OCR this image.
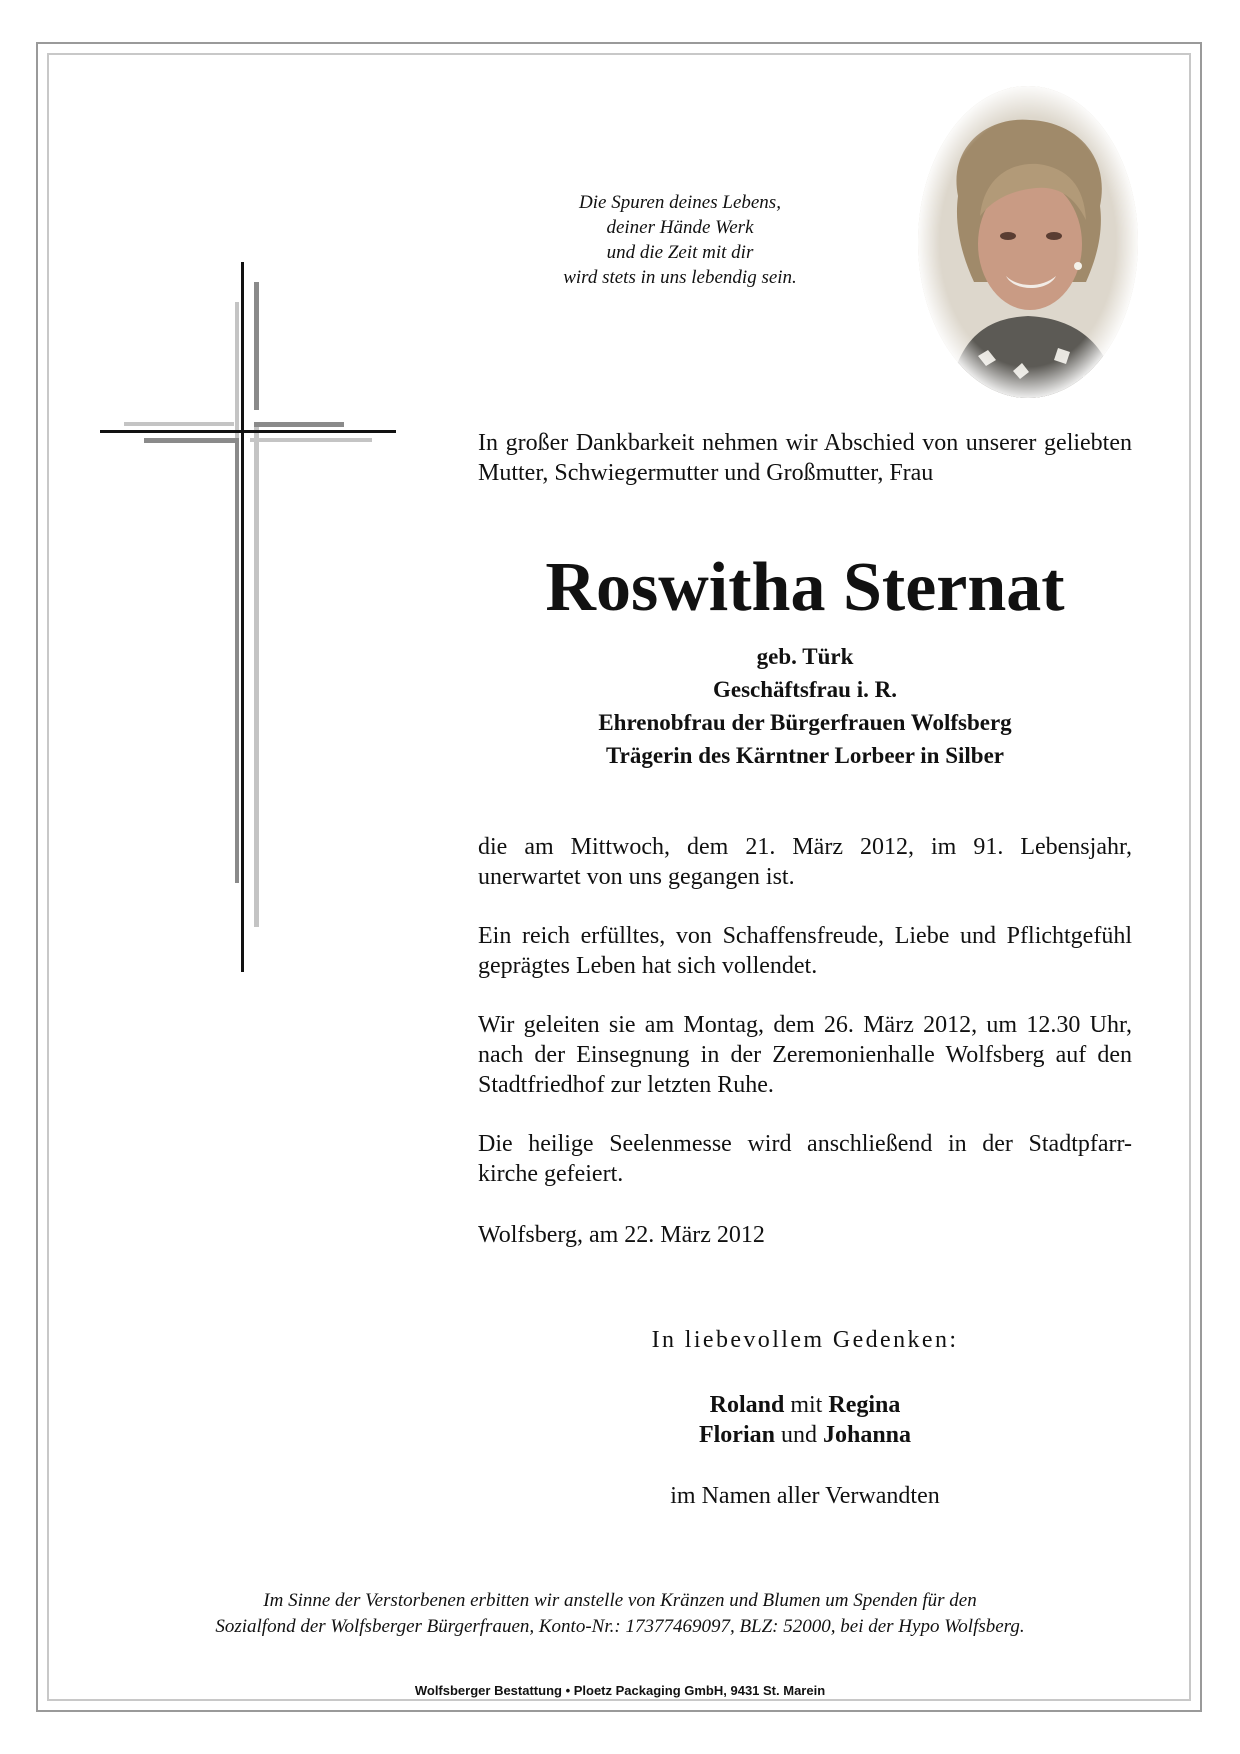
Die Spuren deines Lebens,
deiner Hände Werk
und die Zeit mit dir
wird stets in uns lebendig sein.
In großer Dankbarkeit nehmen wir Abschied von unserer geliebten Mutter, Schwiegermutter und Großmutter, Frau
Roswitha Sternat
geb. Türk
Geschäftsfrau i. R.
Ehrenobfrau der Bürgerfrauen Wolfsberg
Trägerin des Kärntner Lorbeer in Silber
die am Mittwoch, dem 21. März 2012, im 91. Lebensjahr, unerwartet von uns gegangen ist.
Ein reich erfülltes, von Schaffensfreude, Liebe und Pflichtgefühl geprägtes Leben hat sich vollendet.
Wir geleiten sie am Montag, dem 26. März 2012, um 12.30 Uhr, nach der Einsegnung in der Zeremonienhalle Wolfsberg auf den Stadtfriedhof zur letzten Ruhe.
Die heilige Seelenmesse wird anschließend in der Stadtpfarr-
kirche gefeiert.
Wolfsberg, am 22. März 2012
In liebevollem Gedenken:
Roland mit Regina
Florian und Johanna
im Namen aller Verwandten
Im Sinne der Verstorbenen erbitten wir anstelle von Kränzen und Blumen um Spenden für den
Sozialfond der Wolfsberger Bürgerfrauen, Konto-Nr.: 17377469097, BLZ: 52000, bei der Hypo Wolfsberg.
Wolfsberger Bestattung • Ploetz Packaging GmbH, 9431 St. Marein
